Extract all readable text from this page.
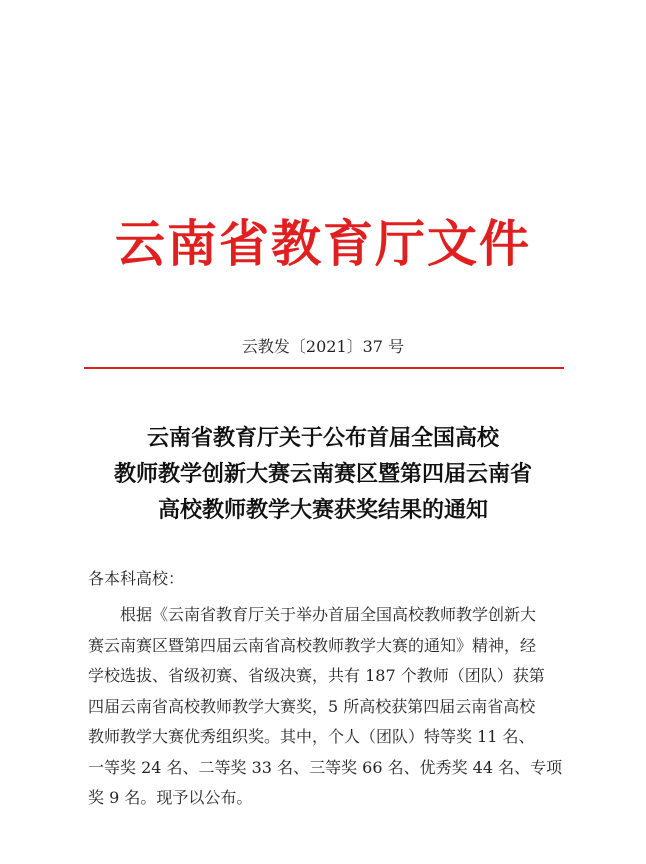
云南省教育厅文件
云教发〔2021〕37 号
云南省教育厅关于公布首届全国高校
教师教学创新大赛云南赛区暨第四届云南省
高校教师教学大赛获奖结果的通知
各本科高校：
根据《云南省教育厅关于举办首届全国高校教师教学创新大
赛云南赛区暨第四届云南省高校教师教学大赛的通知》精神，经
学校选拔、省级初赛、省级决赛，共有 187 个教师（团队）获第
四届云南省高校教师教学大赛奖，5 所高校获第四届云南省高校
教师教学大赛优秀组织奖。其中，个人（团队）特等奖 11 名、
一等奖 24 名、二等奖 33 名、三等奖 66 名、优秀奖 44 名、专项
奖 9 名。现予以公布。
